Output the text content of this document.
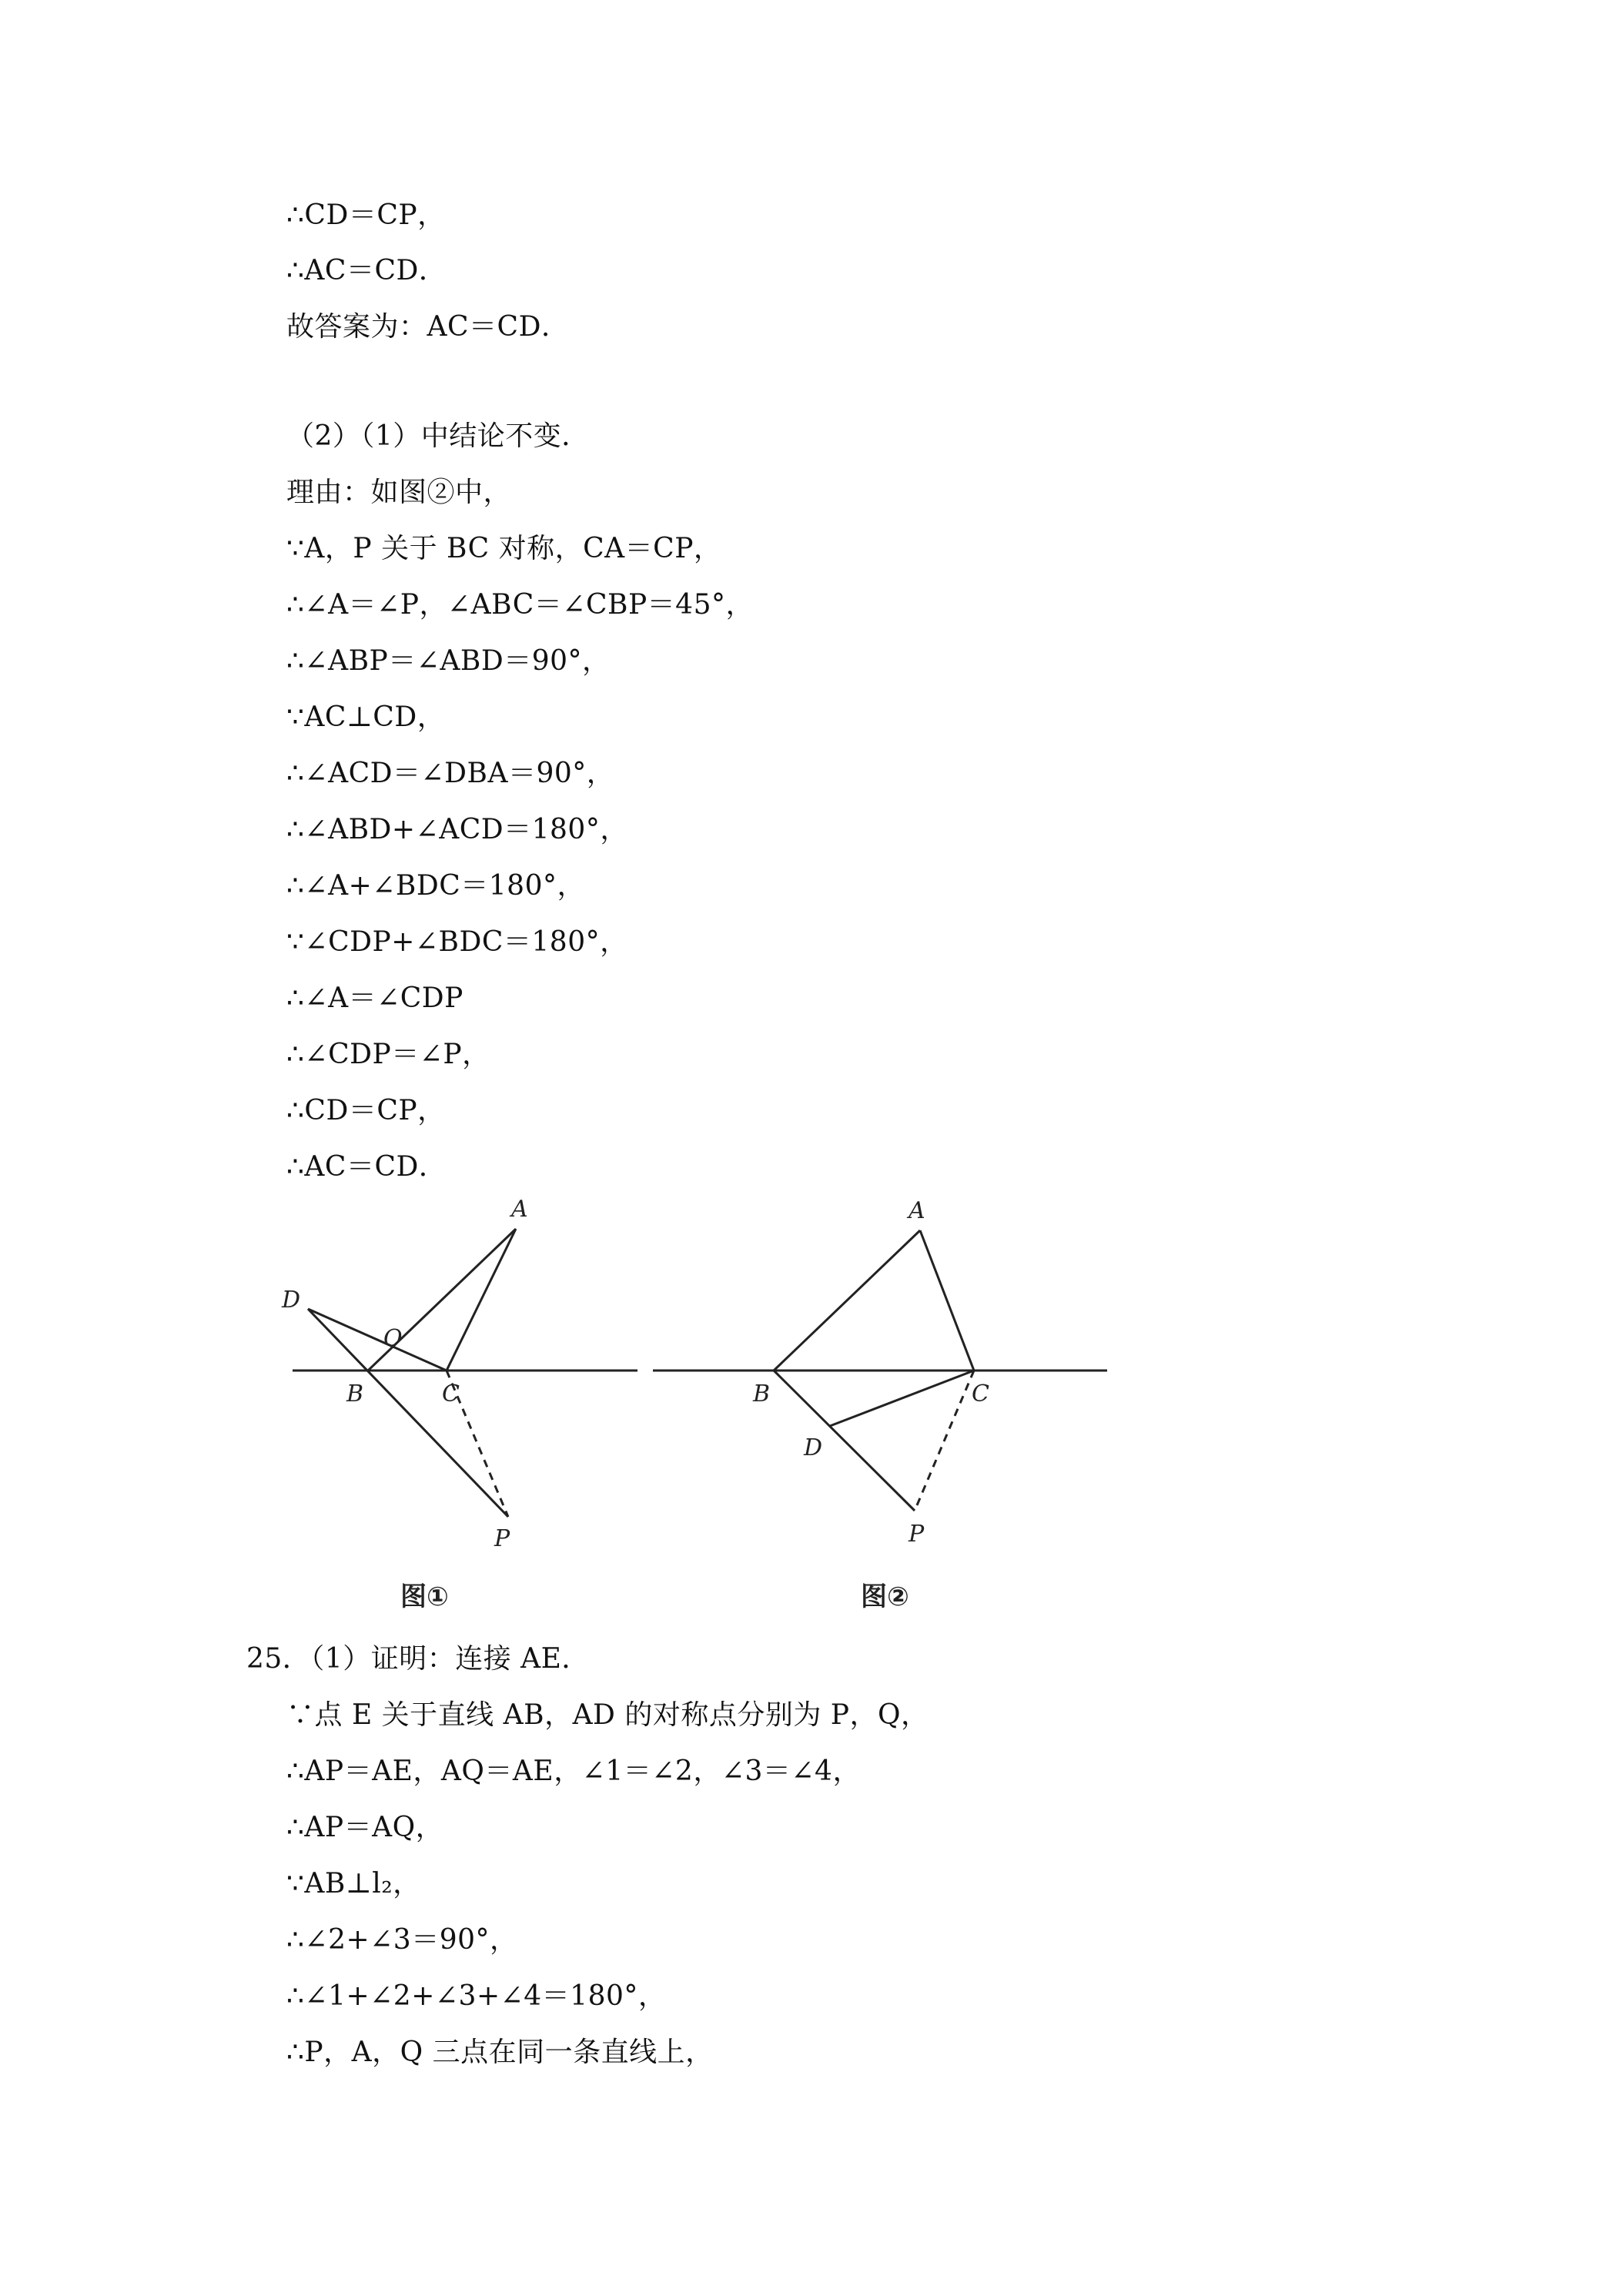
∴CD＝CP，
∴AC＝CD．
故答案为：AC＝CD．
（2）（1）中结论不变．
理由：如图②中，
∵A，P 关于 BC 对称，CA＝CP，
∴∠A＝∠P，∠ABC＝∠CBP＝45°，
∴∠ABP＝∠ABD＝90°，
∵AC⊥CD，
∴∠ACD＝∠DBA＝90°，
∴∠ABD+∠ACD＝180°，
∴∠A+∠BDC＝180°，
∵∠CDP+∠BDC＝180°，
∴∠A＝∠CDP
∴∠CDP＝∠P，
∴CD＝CP，
∴AC＝CD．
A
D
O
B	C
P
图①
A
B	C
D
P
图②
25．（1）证明：连接 AE．
∵点 E 关于直线 AB，AD 的对称点分别为 P，Q，
∴AP＝AE，AQ＝AE，∠1＝∠2，∠3＝∠4，
∴AP＝AQ，
∵AB⊥l₂，
∴∠2+∠3＝90°，
∴∠1+∠2+∠3+∠4＝180°，
∴P，A，Q 三点在同一条直线上，
